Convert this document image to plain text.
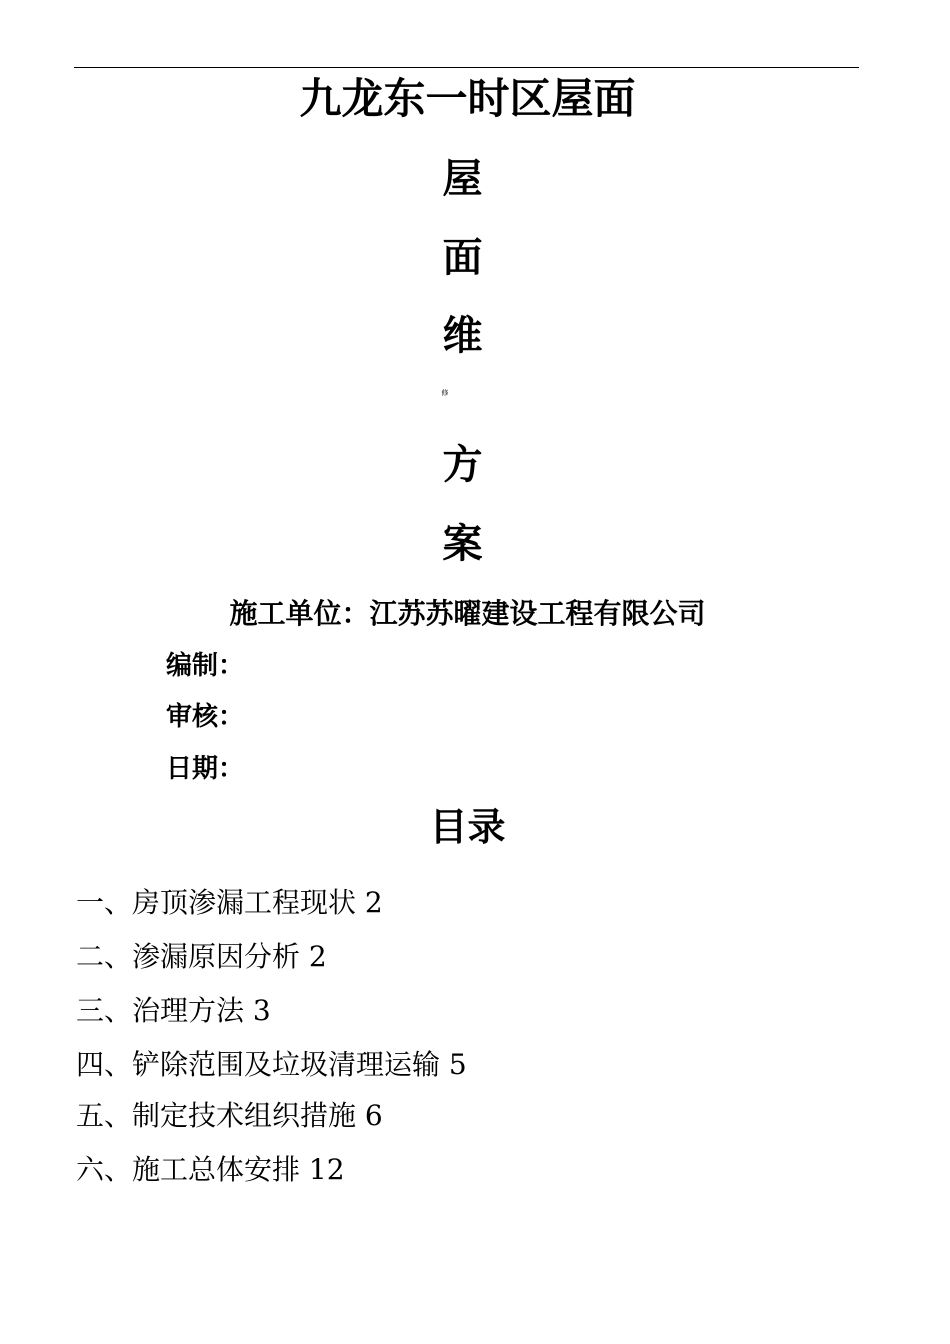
九龙东一时区屋面
屋
面
维
修
方
案
施工单位：江苏苏曜建设工程有限公司
编制：
审核：
日期：
目录
一、房顶渗漏工程现状 2
二、渗漏原因分析 2
三、治理方法 3
四、铲除范围及垃圾清理运输 5
五、制定技术组织措施 6
六、施工总体安排 12
